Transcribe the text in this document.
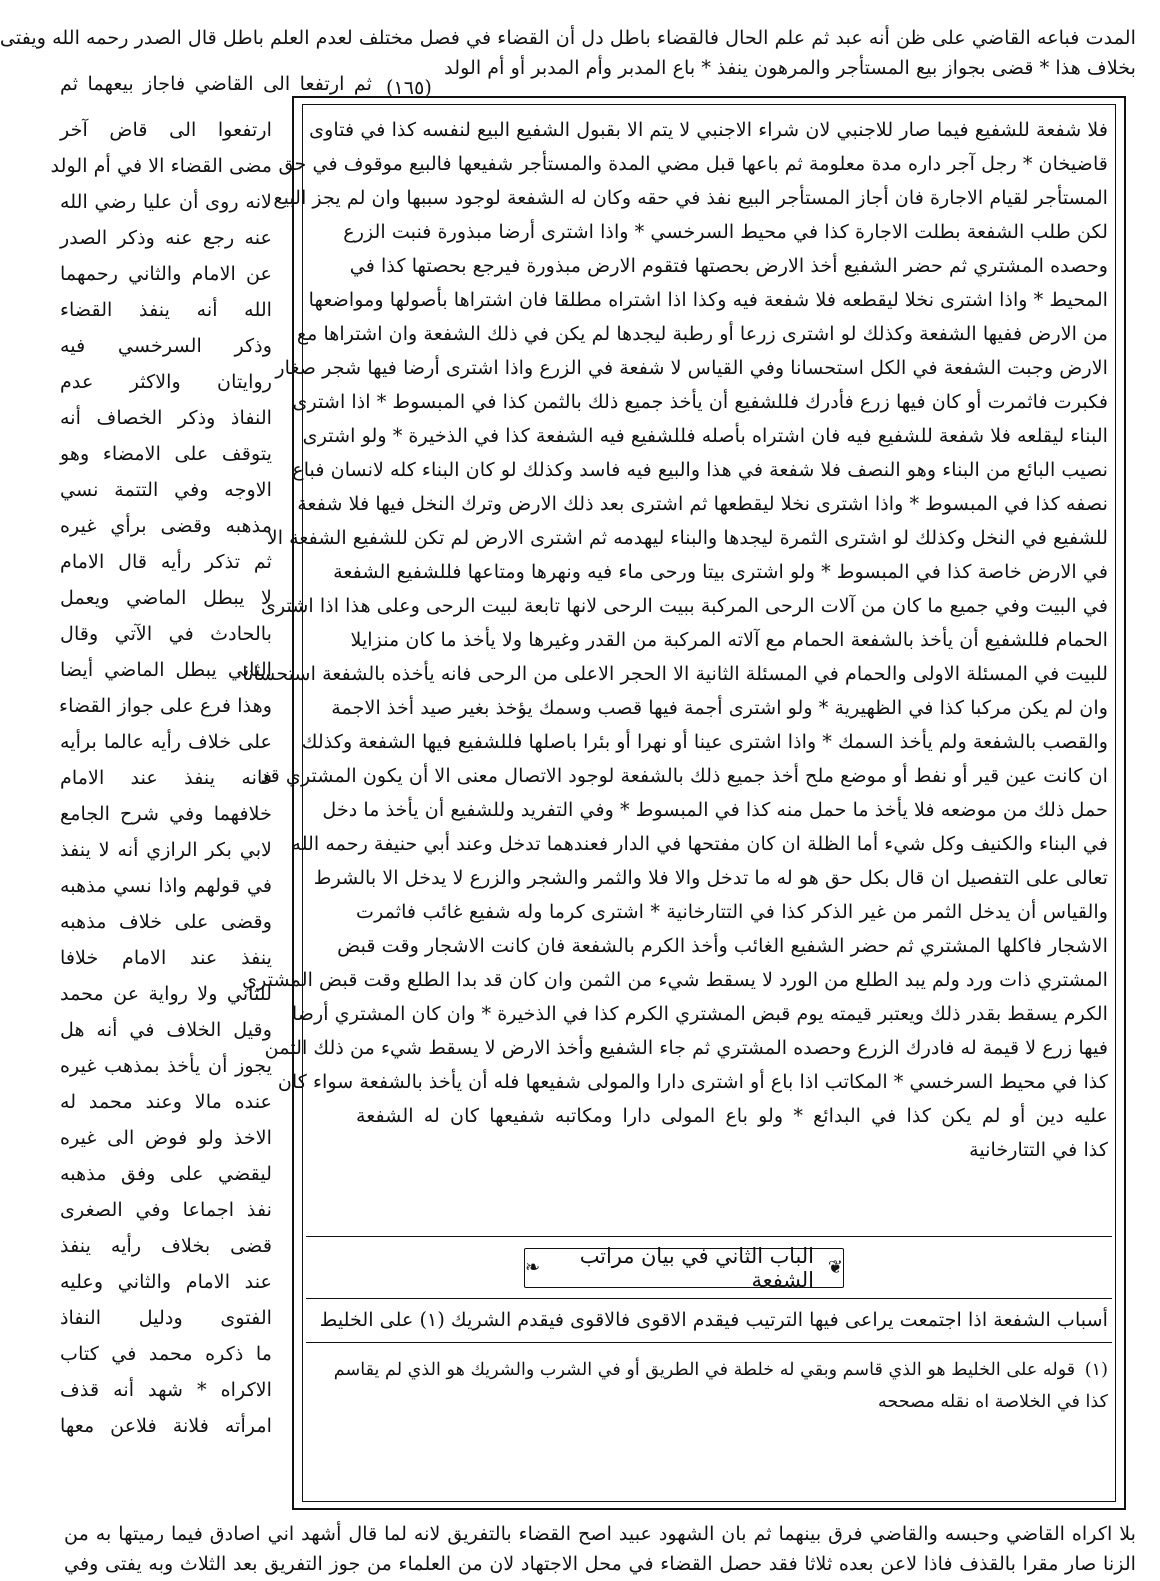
المدت فباعه القاضي على ظن أنه عبد ثم علم الحال فالقضاء باطل دل أن القضاء في فصل مختلف لعدم العلم باطل قال الصدر رحمه الله ويفتى
بخلاف هذا * قضى بجواز بيع المستأجر والمرهون ينفذ * باع المدبر وأم المدبر أو أم الولد
(١٦٥)
ثم ارتفعا الى القاضي فاجاز بيعهما ثم
فلا شفعة للشفيع فيما صار للاجنبي لان شراء الاجنبي لا يتم الا بقبول الشفيع البيع لنفسه كذا في فتاوى
قاضيخان * رجل آجر داره مدة معلومة ثم باعها قبل مضي المدة والمستأجر شفيعها فالبيع موقوف في حق
المستأجر لقيام الاجارة فان أجاز المستأجر البيع نفذ في حقه وكان له الشفعة لوجود سببها وان لم يجز البيع
لكن طلب الشفعة بطلت الاجارة كذا في محيط السرخسي * واذا اشترى أرضا مبذورة فنبت الزرع
وحصده المشتري ثم حضر الشفيع أخذ الارض بحصتها فتقوم الارض مبذورة فيرجع بحصتها كذا في
المحيط * واذا اشترى نخلا ليقطعه فلا شفعة فيه وكذا اذا اشتراه مطلقا فان اشتراها بأصولها ومواضعها
من الارض ففيها الشفعة وكذلك لو اشترى زرعا أو رطبة ليجدها لم يكن في ذلك الشفعة وان اشتراها مع
الارض وجبت الشفعة في الكل استحسانا وفي القياس لا شفعة في الزرع واذا اشترى أرضا فيها شجر صغار
فكبرت فاثمرت أو كان فيها زرع فأدرك فللشفيع أن يأخذ جميع ذلك بالثمن كذا في المبسوط * اذا اشترى
البناء ليقلعه فلا شفعة للشفيع فيه فان اشتراه بأصله فللشفيع فيه الشفعة كذا في الذخيرة * ولو اشترى
نصيب البائع من البناء وهو النصف فلا شفعة في هذا والبيع فيه فاسد وكذلك لو كان البناء كله لانسان فباع
نصفه كذا في المبسوط * واذا اشترى نخلا ليقطعها ثم اشترى بعد ذلك الارض وترك النخل فيها فلا شفعة
للشفيع في النخل وكذلك لو اشترى الثمرة ليجدها والبناء ليهدمه ثم اشترى الارض لم تكن للشفيع الشفعة الا
في الارض خاصة كذا في المبسوط * ولو اشترى بيتا ورحى ماء فيه ونهرها ومتاعها فللشفيع الشفعة
في البيت وفي جميع ما كان من آلات الرحى المركبة ببيت الرحى لانها تابعة لبيت الرحى وعلى هذا اذا اشترى
الحمام فللشفيع أن يأخذ بالشفعة الحمام مع آلاته المركبة من القدر وغيرها ولا يأخذ ما كان منزايلا
للبيت في المسئلة الاولى والحمام في المسئلة الثانية الا الحجر الاعلى من الرحى فانه يأخذه بالشفعة استحسانا
وان لم يكن مركبا كذا في الظهيرية * ولو اشترى أجمة فيها قصب وسمك يؤخذ بغير صيد أخذ الاجمة
والقصب بالشفعة ولم يأخذ السمك * واذا اشترى عينا أو نهرا أو بئرا باصلها فللشفيع فيها الشفعة وكذلك
ان كانت عين قير أو نفط أو موضع ملح أخذ جميع ذلك بالشفعة لوجود الاتصال معنى الا أن يكون المشتري قد
حمل ذلك من موضعه فلا يأخذ ما حمل منه كذا في المبسوط * وفي التفريد وللشفيع أن يأخذ ما دخل
في البناء والكنيف وكل شيء أما الظلة ان كان مفتحها في الدار فعندهما تدخل وعند أبي حنيفة رحمه الله
تعالى على التفصيل ان قال بكل حق هو له ما تدخل والا فلا والثمر والشجر والزرع لا يدخل الا بالشرط
والقياس أن يدخل الثمر من غير الذكر كذا في التتارخانية * اشترى كرما وله شفيع غائب فاثمرت
الاشجار فاكلها المشتري ثم حضر الشفيع الغائب وأخذ الكرم بالشفعة فان كانت الاشجار وقت قبض
المشتري ذات ورد ولم يبد الطلع من الورد لا يسقط شيء من الثمن وان كان قد بدا الطلع وقت قبض المشتري
الكرم يسقط بقدر ذلك ويعتبر قيمته يوم قبض المشتري الكرم كذا في الذخيرة * وان كان المشتري أرضا
فيها زرع لا قيمة له فادرك الزرع وحصده المشتري ثم جاء الشفيع وأخذ الارض لا يسقط شيء من ذلك الثمن
كذا في محيط السرخسي * المكاتب اذا باع أو اشترى دارا والمولى شفيعها فله أن يأخذ بالشفعة سواء كان
عليه دين أو لم يكن كذا في البدائع * ولو باع المولى دارا ومكاتبه شفيعها كان له الشفعة
كذا في التتارخانية
❦
الباب الثاني في بيان مراتب الشفعة
❧
أسباب الشفعة اذا اجتمعت يراعى فيها الترتيب فيقدم الاقوى فالاقوى فيقدم الشريك (١) على الخليط
(١) قوله على الخليط هو الذي قاسم وبقي له خلطة في الطريق أو في الشرب والشريك هو الذي لم يقاسم
كذا في الخلاصة اه نقله مصححه
ارتفعوا الى قاض آخر
مضى القضاء الا في أم الولد
لانه روى أن عليا رضي الله
عنه رجع عنه وذكر الصدر
عن الامام والثاني رحمهما
الله أنه ينفذ القضاء
وذكر السرخسي فيه
روايتان والاكثر عدم
النفاذ وذكر الخصاف أنه
يتوقف على الامضاء وهو
الاوجه وفي التتمة نسي
مذهبه وقضى برأي غيره
ثم تذكر رأيه قال الامام
لا يبطل الماضي ويعمل
بالحادث في الآتي وقال
الثاني يبطل الماضي أيضا
وهذا فرع على جواز القضاء
على خلاف رأيه عالما برأيه
فانه ينفذ عند الامام
خلافهما وفي شرح الجامع
لابي بكر الرازي أنه لا ينفذ
في قولهم واذا نسي مذهبه
وقضى على خلاف مذهبه
ينفذ عند الامام خلافا
للثاني ولا رواية عن محمد
وقيل الخلاف في أنه هل
يجوز أن يأخذ بمذهب غيره
عنده مالا وعند محمد له
الاخذ ولو فوض الى غيره
ليقضي على وفق مذهبه
نفذ اجماعا وفي الصغرى
قضى بخلاف رأيه ينفذ
عند الامام والثاني وعليه
الفتوى ودليل النفاذ
ما ذكره محمد في كتاب
الاكراه * شهد أنه قذف
امرأته فلانة فلاعن معها
بلا اكراه القاضي وحبسه والقاضي فرق بينهما ثم بان الشهود عبيد اصح القضاء بالتفريق لانه لما قال أشهد اني اصادق فيما رميتها به من
الزنا صار مقرا بالقذف فاذا لاعن بعده ثلاثا فقد حصل القضاء في محل الاجتهاد لان من العلماء من جوز التفريق بعد الثلاث وبه يفتى وفي
